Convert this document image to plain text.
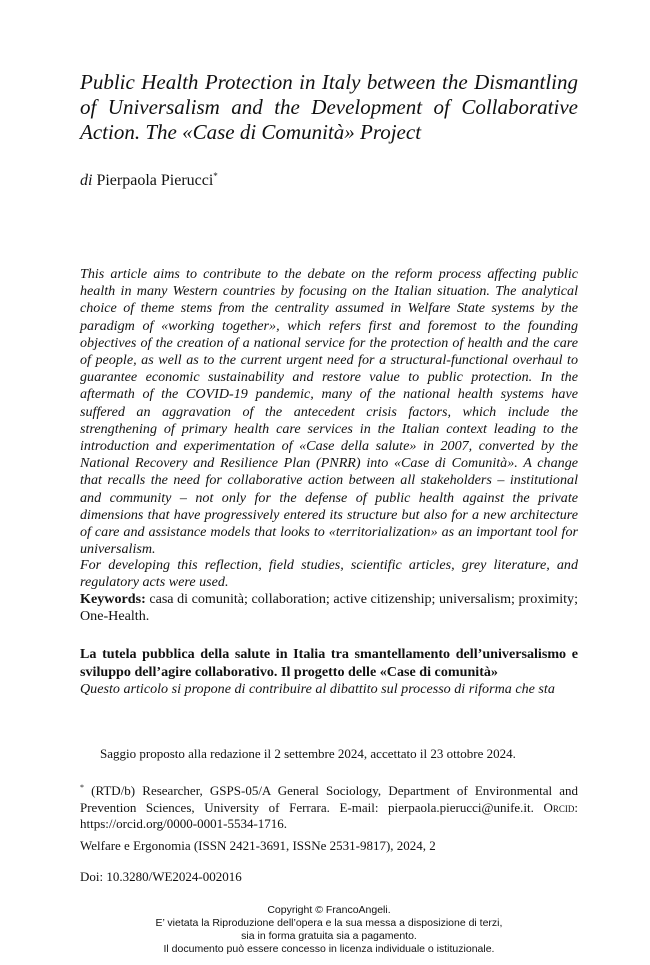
Public Health Protection in Italy between the Dismantling of Universalism and the Development of Collaborative Action. The «Case di Comunità» Project
di Pierpaola Pierucci*

This article aims to contribute to the debate on the reform process affecting public health in many Western countries by focusing on the Italian situation. The analytical choice of theme stems from the centrality assumed in Welfare State systems by the paradigm of «working together», which refers first and foremost to the founding objectives of the creation of a national service for the protection of health and the care of people, as well as to the current urgent need for a structural-functional overhaul to guarantee economic sustainability and restore value to public protection. In the aftermath of the COVID-19 pandemic, many of the national health systems have suffered an aggravation of the antecedent crisis factors, which include the strengthening of primary health care services in the Italian context leading to the introduction and experimentation of «Case della salute» in 2007, converted by the National Recovery and Resilience Plan (PNRR) into «Case di Comunità». A change that recalls the need for collaborative action between all stakeholders – institutional and community – not only for the defense of public health against the private dimensions that have progressively entered its structure but also for a new architecture of care and assistance models that looks to «territorialization» as an important tool for universalism.

For developing this reflection, field studies, scientific articles, grey literature, and regulatory acts were used.

Keywords: casa di comunità; collaboration; active citizenship; universalism; proximity; One-Health.

La tutela pubblica della salute in Italia tra smantellamento dell’universalismo e sviluppo dell’agire collaborativo. Il progetto delle «Case di comunità»

Questo articolo si propone di contribuire al dibattito sul processo di riforma che sta

Saggio proposto alla redazione il 2 settembre 2024, accettato il 23 ottobre 2024.

* (RTD/b) Researcher, GSPS-05/A General Sociology, Department of Environmental and Prevention Sciences, University of Ferrara. E-mail: pierpaola.pierucci@unife.it. Orcid: https://orcid.org/0000-0001-5534-1716.

Welfare e Ergonomia (ISSN 2421-3691, ISSNe 2531-9817), 2024, 2

Doi: 10.3280/WE2024-002016

Copyright © FrancoAngeli.
E’ vietata la Riproduzione dell’opera e la sua messa a disposizione di terzi,
sia in forma gratuita sia a pagamento.
Il documento può essere concesso in licenza individuale o istituzionale.
